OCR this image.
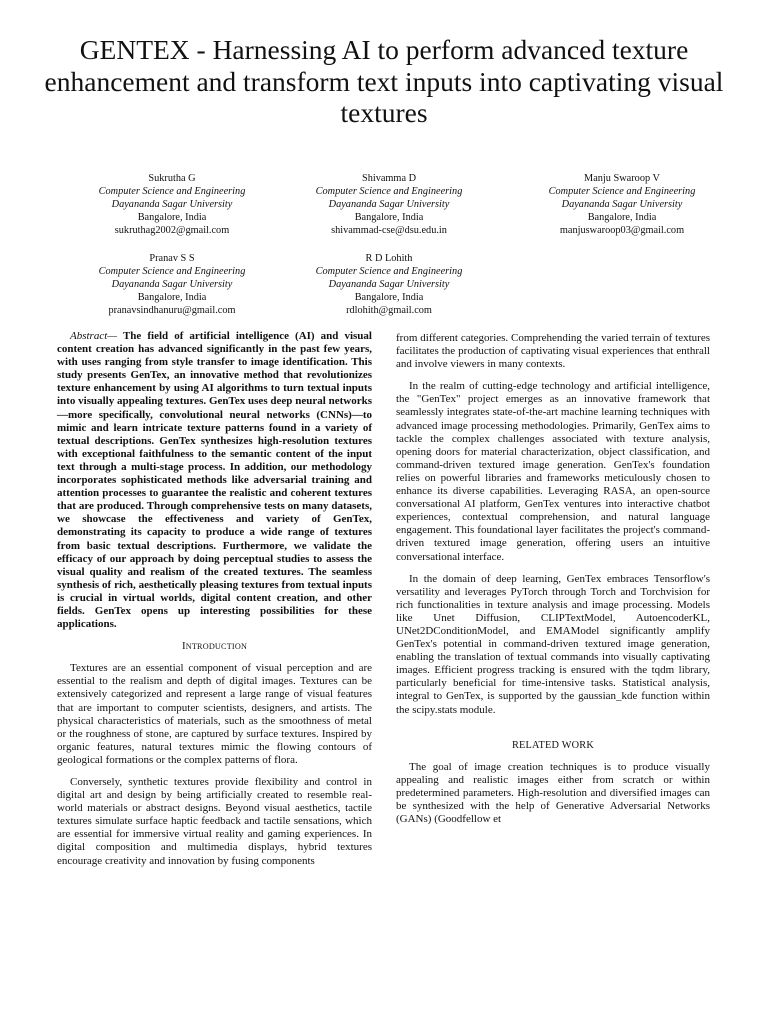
GENTEX - Harnessing AI to perform advanced texture enhancement and transform text inputs into captivating visual textures
Sukrutha G
Computer Science and Engineering
Dayananda Sagar University
Bangalore, India
sukruthag2002@gmail.com
Shivamma D
Computer Science and Engineering
Dayananda Sagar University
Bangalore, India
shivammad-cse@dsu.edu.in
Manju Swaroop V
Computer Science and Engineering
Dayananda Sagar University
Bangalore, India
manjuswaroop03@gmail.com
Pranav S S
Computer Science and Engineering
Dayananda Sagar University
Bangalore, India
pranavsindhanuru@gmail.com
R D Lohith
Computer Science and Engineering
Dayananda Sagar University
Bangalore, India
rdlohith@gmail.com

Abstract— The field of artificial intelligence (AI) and visual content creation has advanced significantly in the past few years, with uses ranging from style transfer to image identification. This study presents GenTex, an innovative method that revolutionizes texture enhancement by using AI algorithms to turn textual inputs into visually appealing textures. GenTex uses deep neural networks—more specifically, convolutional neural networks (CNNs)—to mimic and learn intricate texture patterns found in a variety of textual descriptions. GenTex synthesizes high-resolution textures with exceptional faithfulness to the semantic content of the input text through a multi-stage process. In addition, our methodology incorporates sophisticated methods like adversarial training and attention processes to guarantee the realistic and coherent textures that are produced. Through comprehensive tests on many datasets, we showcase the effectiveness and variety of GenTex, demonstrating its capacity to produce a wide range of textures from basic textual descriptions. Furthermore, we validate the efficacy of our approach by doing perceptual studies to assess the visual quality and realism of the created textures. The seamless synthesis of rich, aesthetically pleasing textures from textual inputs is crucial in virtual worlds, digital content creation, and other fields. GenTex opens up interesting possibilities for these applications.

INTRODUCTION

Textures are an essential component of visual perception and are essential to the realism and depth of digital images. Textures can be extensively categorized and represent a large range of visual features that are important to computer scientists, designers, and artists. The physical characteristics of materials, such as the smoothness of metal or the roughness of stone, are captured by surface textures. Inspired by organic features, natural textures mimic the flowing contours of geological formations or the complex patterns of flora.

Conversely, synthetic textures provide flexibility and control in digital art and design by being artificially created to resemble real-world materials or abstract designs. Beyond visual aesthetics, tactile textures simulate surface haptic feedback and tactile sensations, which are essential for immersive virtual reality and gaming experiences. In digital composition and multimedia displays, hybrid textures encourage creativity and innovation by fusing components

from different categories. Comprehending the varied terrain of textures facilitates the production of captivating visual experiences that enthrall and involve viewers in many contexts.

In the realm of cutting-edge technology and artificial intelligence, the "GenTex" project emerges as an innovative framework that seamlessly integrates state-of-the-art machine learning techniques with advanced image processing methodologies. Primarily, GenTex aims to tackle the complex challenges associated with texture analysis, opening doors for material characterization, object classification, and command-driven textured image generation. GenTex's foundation relies on powerful libraries and frameworks meticulously chosen to enhance its diverse capabilities. Leveraging RASA, an open-source conversational AI platform, GenTex ventures into interactive chatbot experiences, contextual comprehension, and natural language engagement. This foundational layer facilitates the project's command-driven textured image generation, offering users an intuitive conversational interface.

In the domain of deep learning, GenTex embraces Tensorflow's versatility and leverages PyTorch through Torch and Torchvision for rich functionalities in texture analysis and image processing. Models like Unet Diffusion, CLIPTextModel, AutoencoderKL, UNet2DConditionModel, and EMAModel significantly amplify GenTex's potential in command-driven textured image generation, enabling the translation of textual commands into visually captivating images. Efficient progress tracking is ensured with the tqdm library, particularly beneficial for time-intensive tasks. Statistical analysis, integral to GenTex, is supported by the gaussian_kde function within the scipy.stats module.

RELATED WORK

The goal of image creation techniques is to produce visually appealing and realistic images either from scratch or within predetermined parameters. High-resolution and diversified images can be synthesized with the help of Generative Adversarial Networks (GANs) (Goodfellow et
